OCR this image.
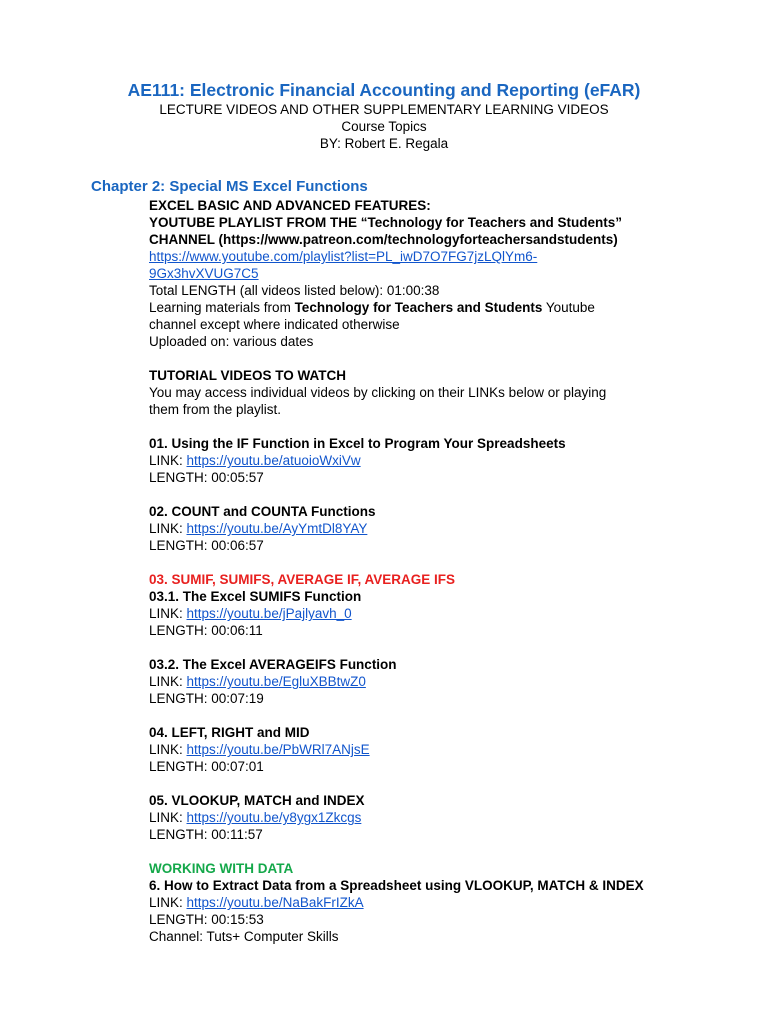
AE111: Electronic Financial Accounting and Reporting (eFAR)

LECTURE VIDEOS AND OTHER SUPPLEMENTARY LEARNING VIDEOS

Course Topics

BY: Robert E. Regala

Chapter 2: Special MS Excel Functions

EXCEL BASIC AND ADVANCED FEATURES:

YOUTUBE PLAYLIST FROM THE “Technology for Teachers and Students”

CHANNEL (https://www.patreon.com/technologyforteachersandstudents)

https://www.youtube.com/playlist?list=PL_iwD7O7FG7jzLQlYm6-
9Gx3hvXVUG7C5

Total LENGTH (all videos listed below): 01:00:38

Learning materials from Technology for Teachers and Students Youtube

channel except where indicated otherwise

Uploaded on: various dates

TUTORIAL VIDEOS TO WATCH

You may access individual videos by clicking on their LINKs below or playing

them from the playlist.

01. Using the IF Function in Excel to Program Your Spreadsheets

LINK: https://youtu.be/atuoioWxiVw

LENGTH: 00:05:57

02. COUNT and COUNTA Functions

LINK: https://youtu.be/AyYmtDl8YAY

LENGTH: 00:06:57

03. SUMIF, SUMIFS, AVERAGE IF, AVERAGE IFS

03.1. The Excel SUMIFS Function

LINK: https://youtu.be/jPajlyavh_0

LENGTH: 00:06:11

03.2. The Excel AVERAGEIFS Function

LINK: https://youtu.be/EgluXBBtwZ0

LENGTH: 00:07:19

04. LEFT, RIGHT and MID

LINK: https://youtu.be/PbWRl7ANjsE

LENGTH: 00:07:01

05. VLOOKUP, MATCH and INDEX

LINK: https://youtu.be/y8ygx1Zkcgs

LENGTH: 00:11:57

WORKING WITH DATA

6. How to Extract Data from a Spreadsheet using VLOOKUP, MATCH & INDEX

LINK: https://youtu.be/NaBakFrIZkA

LENGTH: 00:15:53

Channel: Tuts+ Computer Skills
